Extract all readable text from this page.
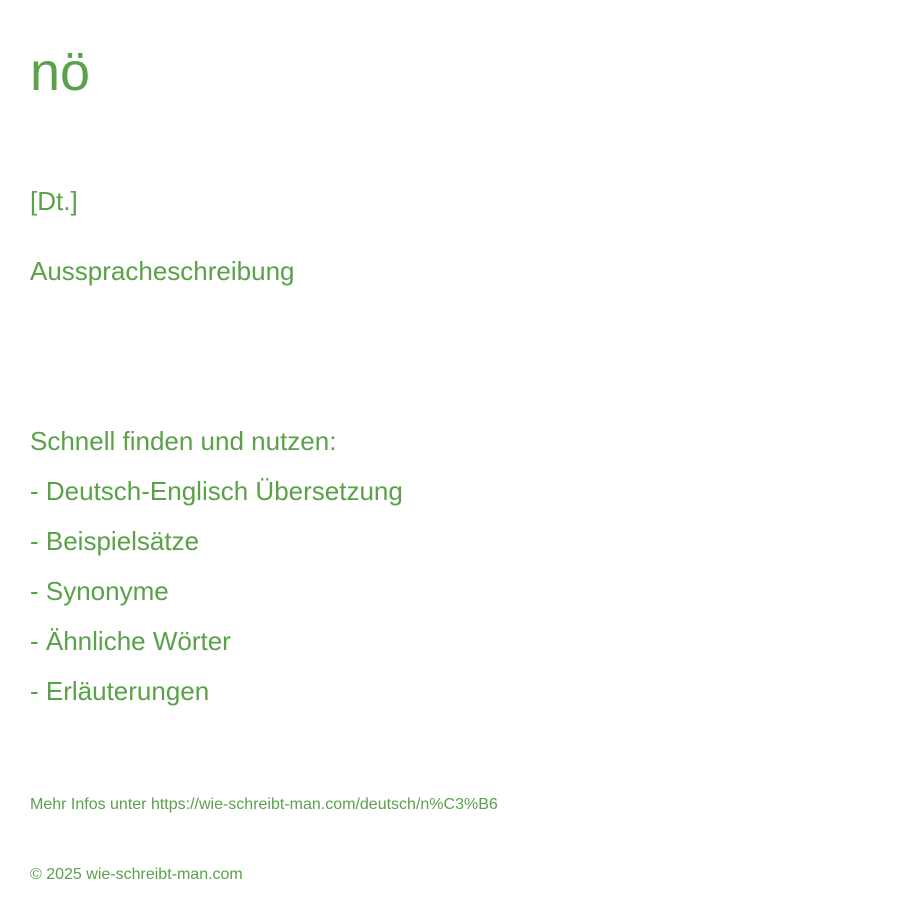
nö
[Dt.]
Ausspracheschreibung
Schnell finden und nutzen:
- Deutsch-Englisch Übersetzung
- Beispielsätze
- Synonyme
- Ähnliche Wörter
- Erläuterungen
Mehr Infos unter https://wie-schreibt-man.com/deutsch/n%C3%B6
© 2025 wie-schreibt-man.com
